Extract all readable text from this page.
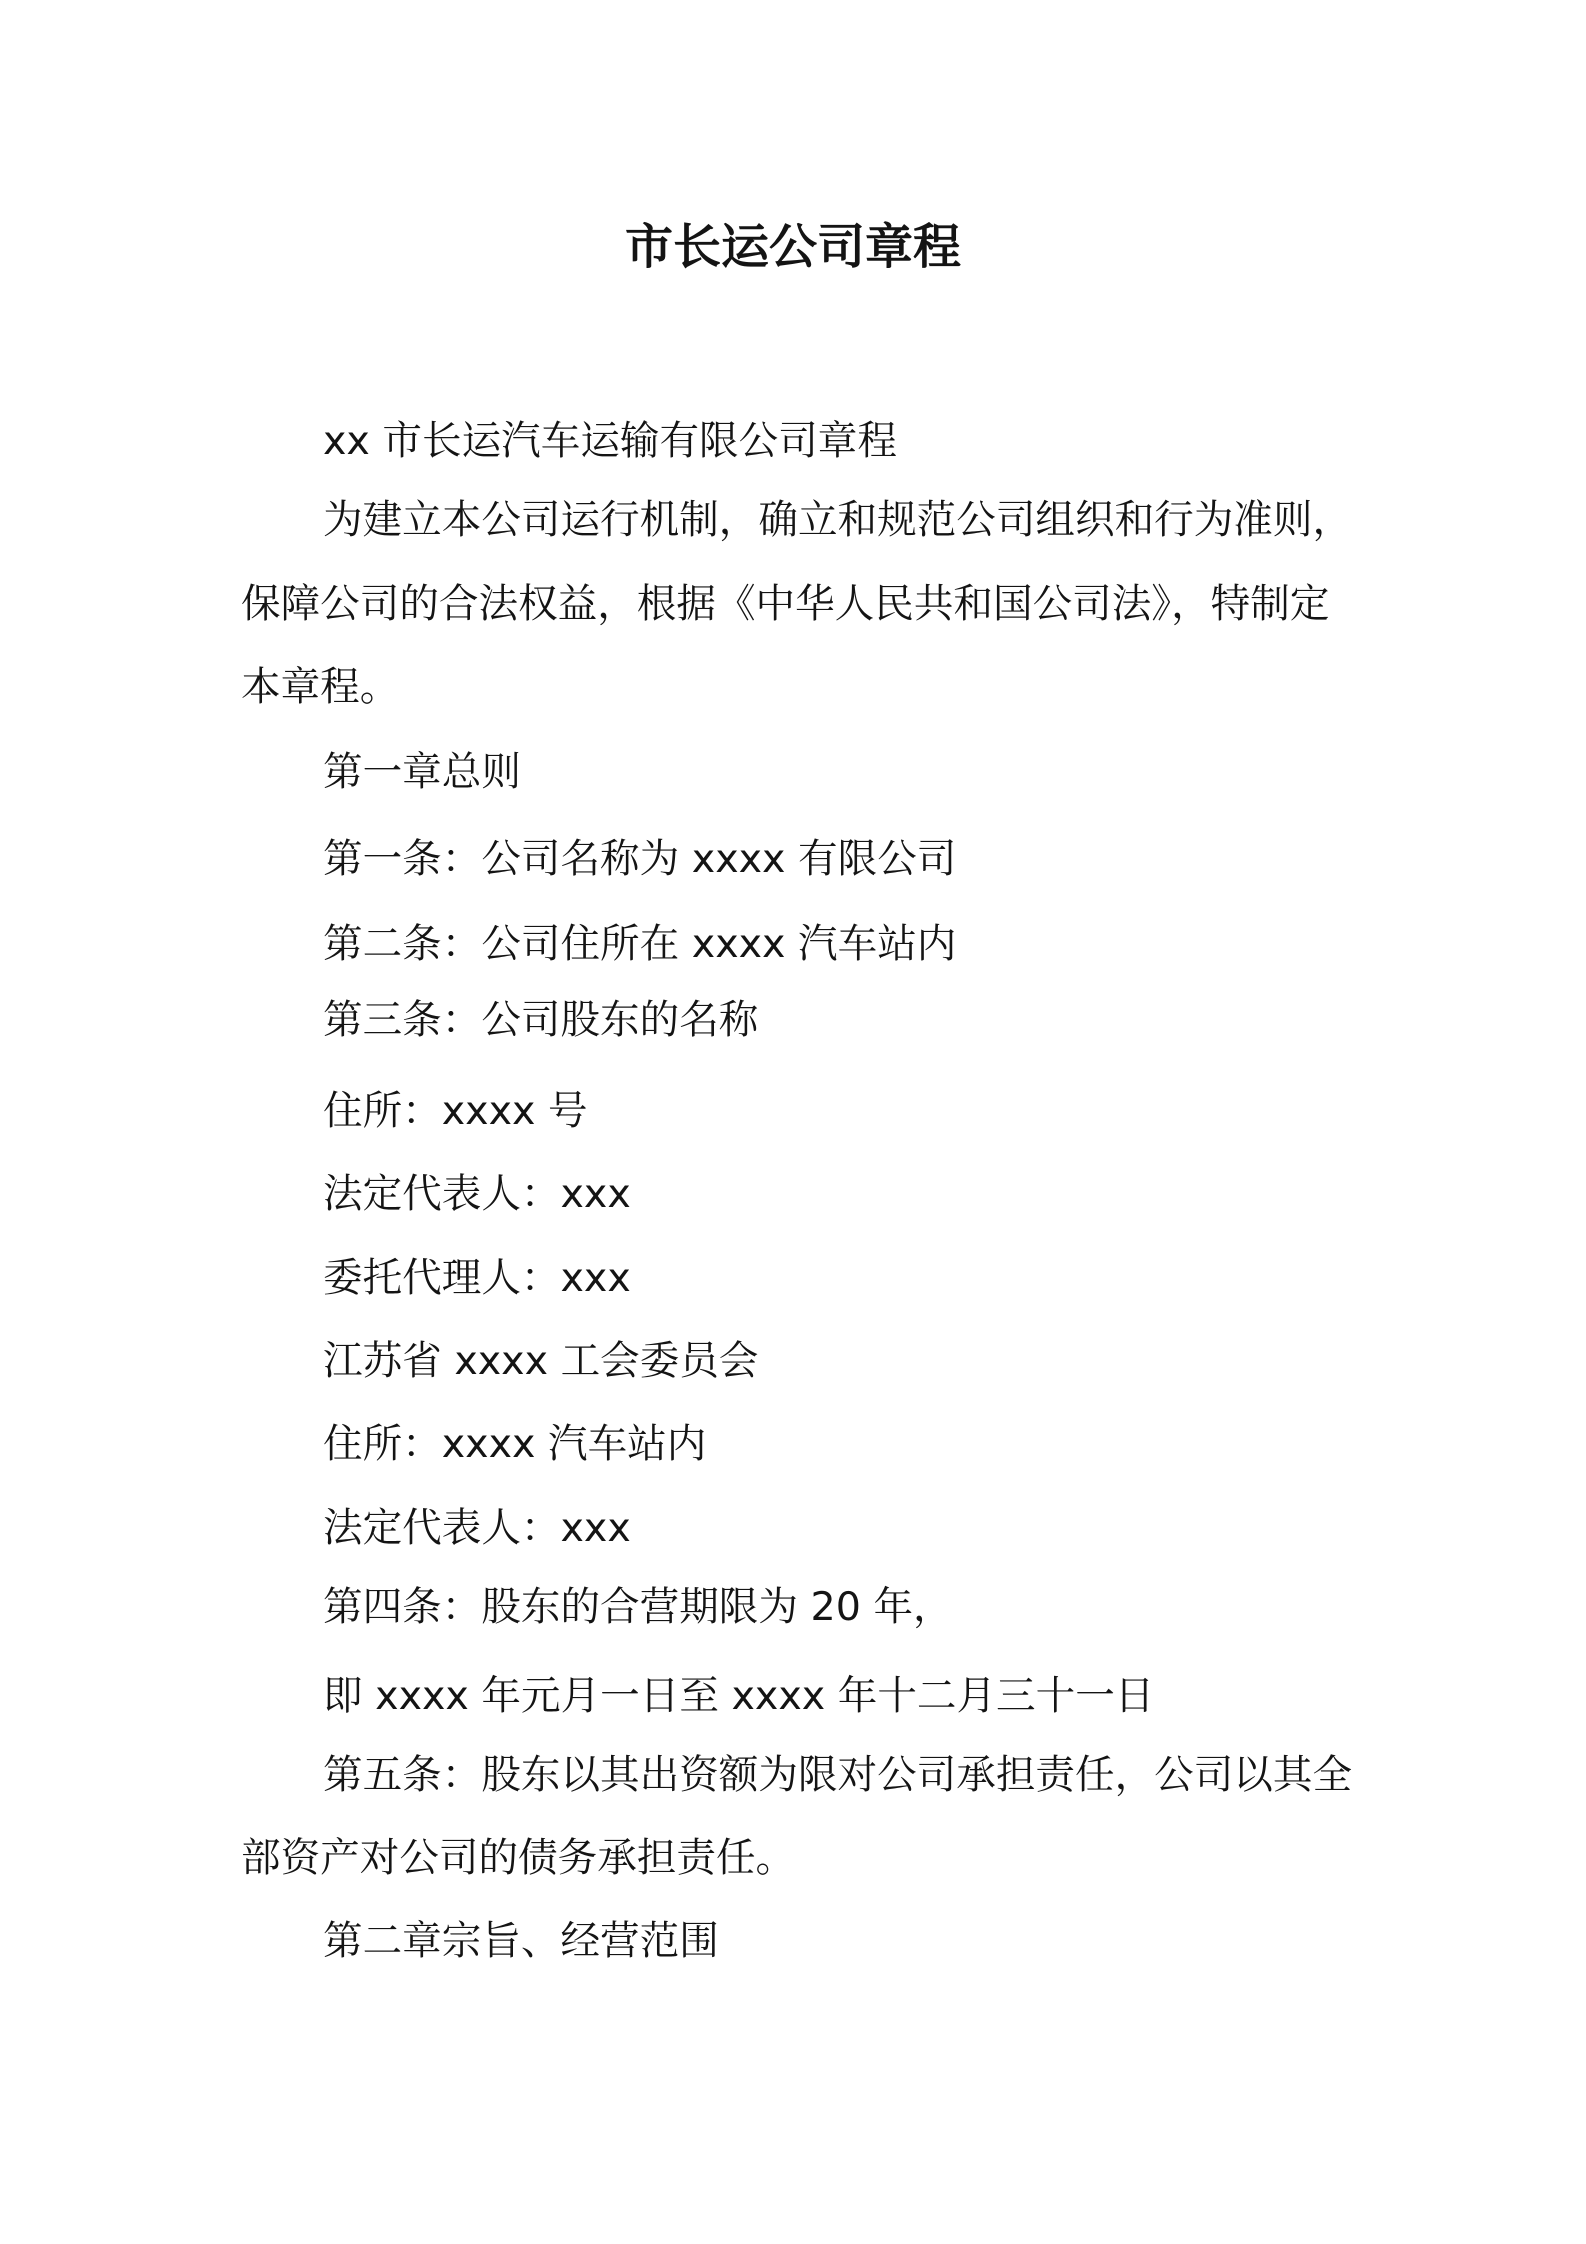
市长运公司章程

xx 市长运汽车运输有限公司章程

为建立本公司运行机制，确立和规范公司组织和行为准则，

保障公司的合法权益，根据《中华人民共和国公司法》，特制定

本章程。

第一章总则

第一条：公司名称为 xxxx 有限公司

第二条：公司住所在 xxxx 汽车站内

第三条：公司股东的名称

住所：xxxx 号

法定代表人：xxx

委托代理人：xxx

江苏省 xxxx 工会委员会

住所：xxxx 汽车站内

法定代表人：xxx

第四条：股东的合营期限为 20 年，

即 xxxx 年元月一日至 xxxx 年十二月三十一日

第五条：股东以其出资额为限对公司承担责任，公司以其全

部资产对公司的债务承担责任。

第二章宗旨、经营范围
